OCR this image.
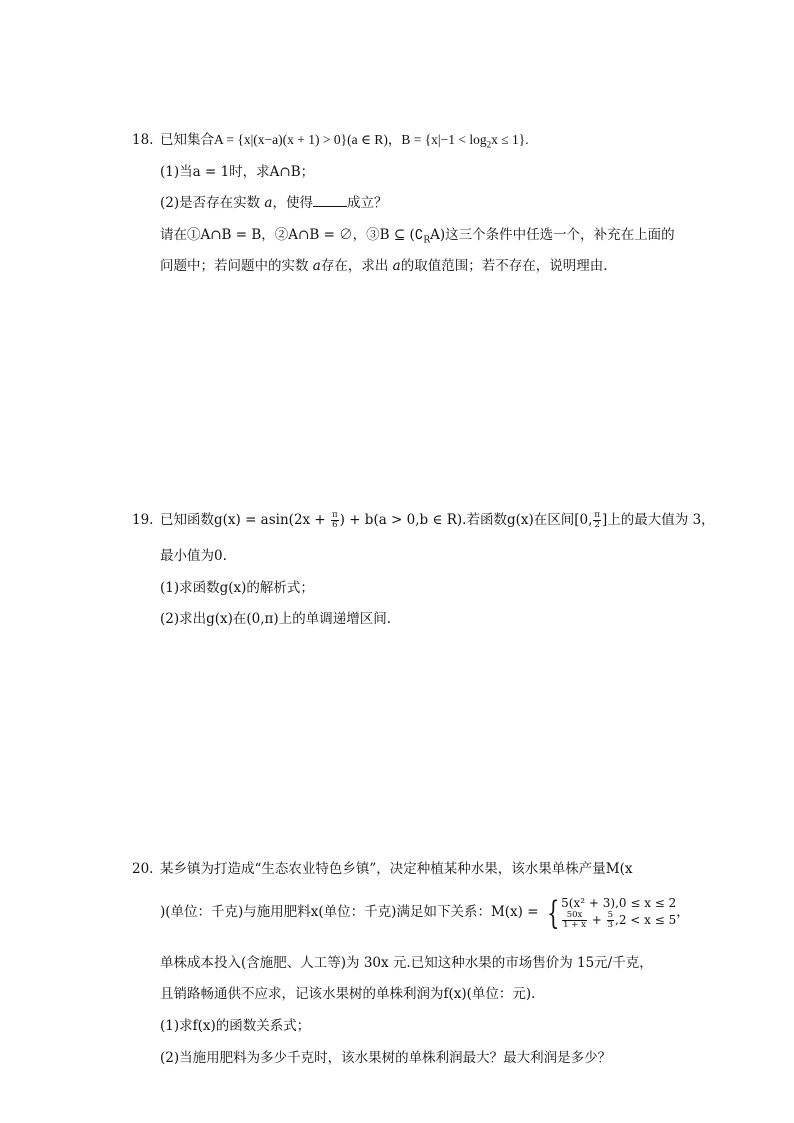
18. 已知集合A = {x|(x−a)(x + 1) > 0}(a ∈ R)，$B = \{x|-1 < \log_2x \le 1\}$.
(1)当a = 1时，求A∩B；
(2)是否存在实数 a，使得	成立？
请在①A∩B = B，②A∩B = ∅，③B ⊆ $(∁_RA)$这三个条件中任选一个，补充在上面的
问题中；若问题中的实数 a存在，求出 a的取值范围；若不存在，说明理由.
19. 已知函数$g(x) = asin(2x + \frac{\pi}{6}$ ) + b(a > 0,b ∈ R).若函数g(x)在区间[0, $\frac{\pi}{2}$ ]上的最大值为 3，
最小值为0.
(1)求函数g(x)的解析式；
(2)求出g(x)在(0,π)上的单调递增区间.
20. 某乡镇为打造成“生态农业特色乡镇”，决定种植某种水果，该水果单株产量M(x
)(单位：千克)与施用肥料x(单位：千克)满足如下关系：M(x) = { 5(x² + 3),0 ≤ x ≤ 2
$\frac{50x}{1 + x} + \frac{5}{3} ,2 < x \le 5$ ，
单株成本投入(含施肥、人工等)为 30x 元.已知这种水果的市场售价为 15元/千克，
且销路畅通供不应求，记该水果树的单株利润为f(x)(单位：元).
(1)求f(x)的函数关系式；
(2)当施用肥料为多少千克时，该水果树的单株利润最大？最大利润是多少？
